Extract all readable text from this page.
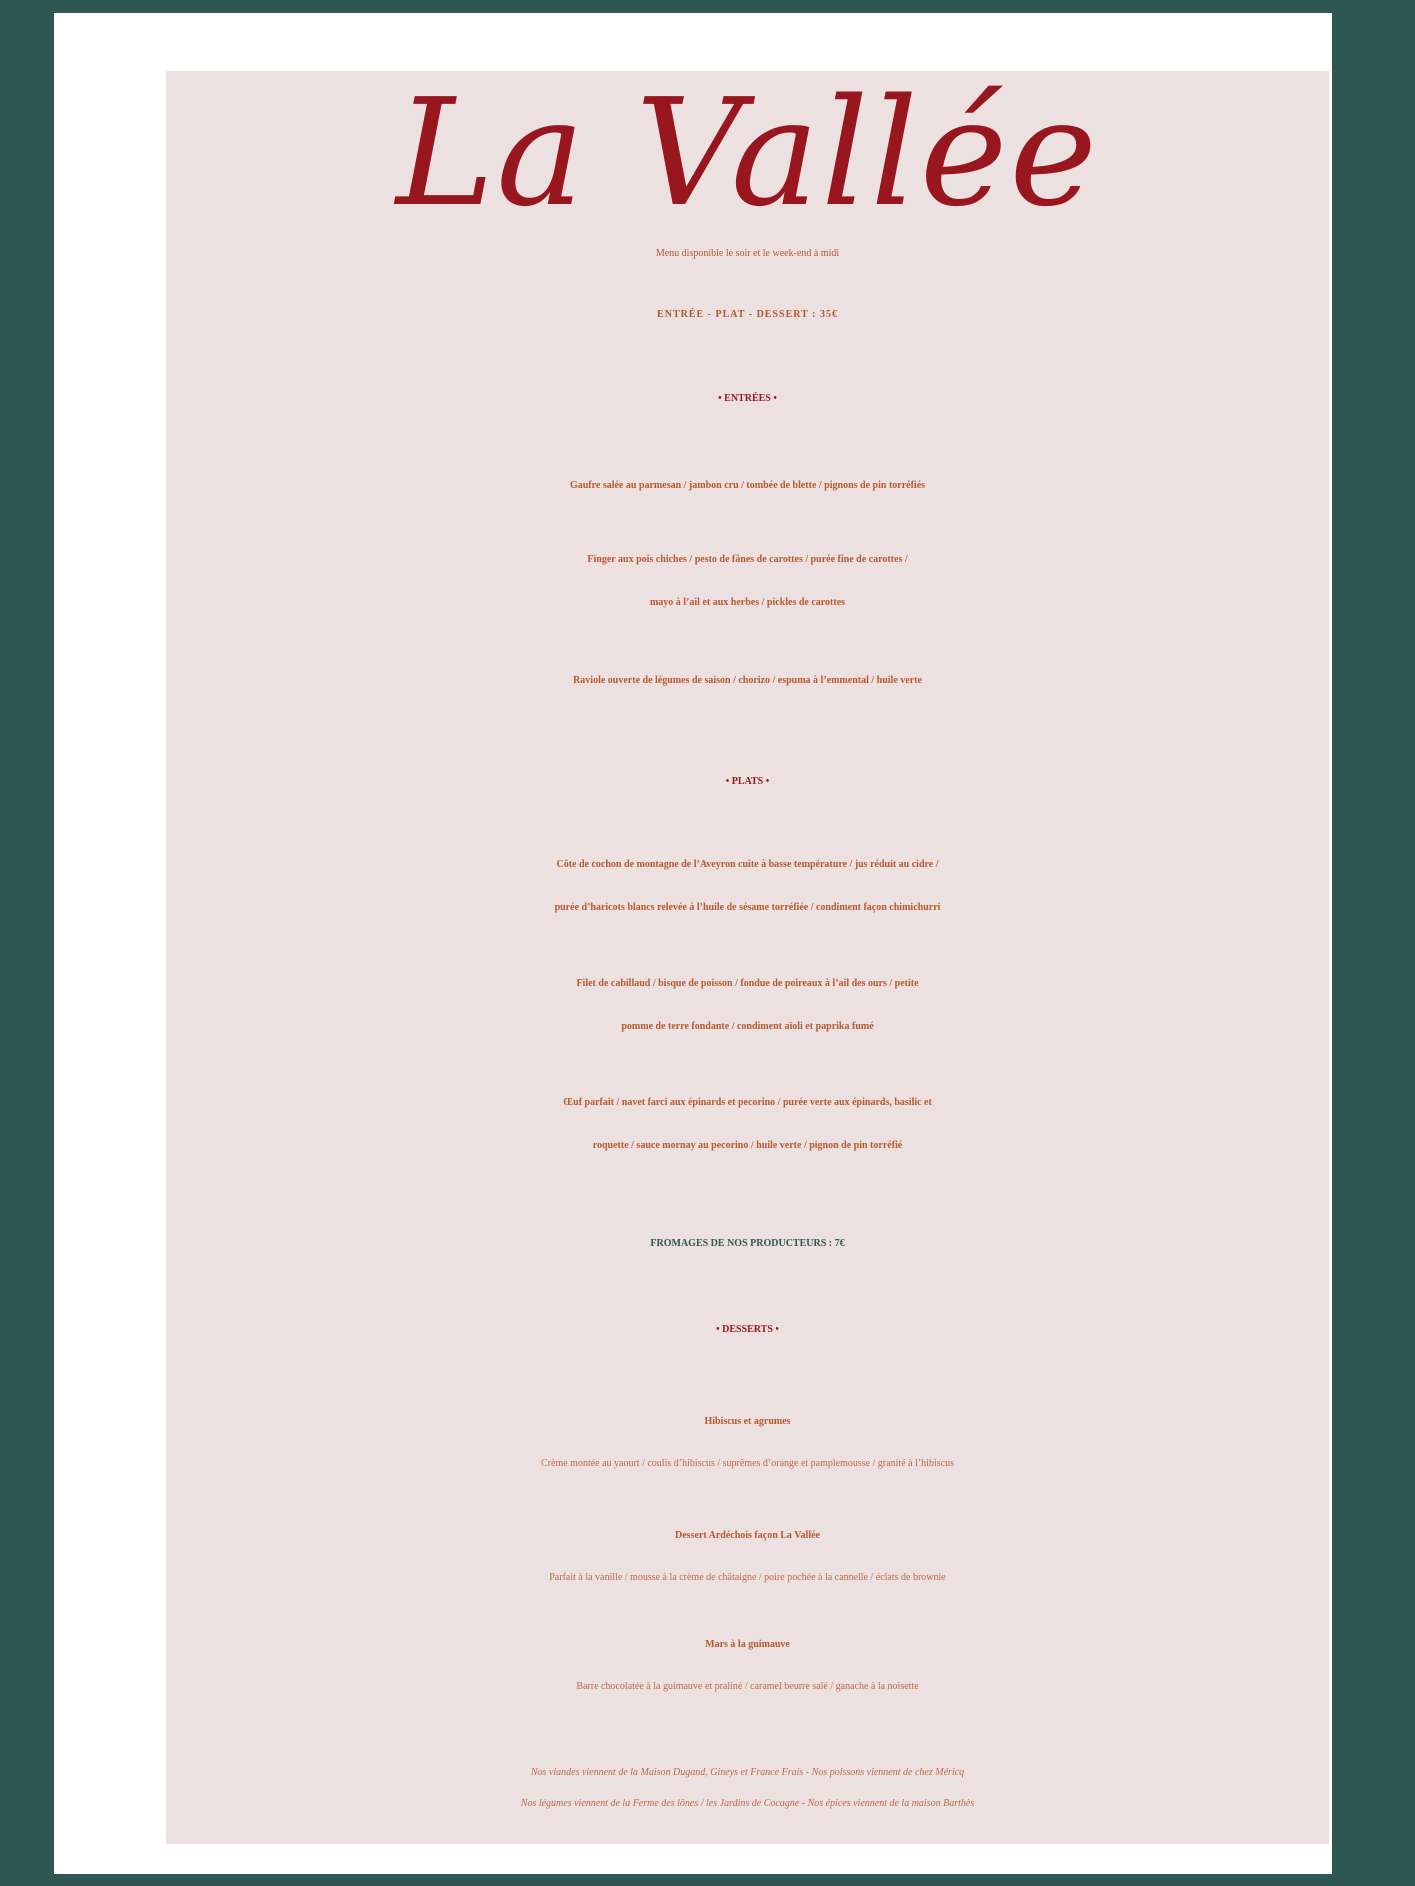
La Vallée
Menu disponible le soir et le week-end à midi
ENTRÉE - PLAT - DESSERT : 35€
• ENTRÉES •
Gaufre salée au parmesan / jambon cru / tombée de blette / pignons de pin torréfiés
Finger aux pois chiches / pesto de fânes de carottes / purée fine de carottes /
mayo à l’ail et aux herbes / pickles de carottes
Raviole ouverte de légumes de saison / chorizo / espuma à l’emmental / huile verte
• PLATS •
Côte de cochon de montagne de l’Aveyron cuite à basse température / jus réduit au cidre /
purée d’haricots blancs relevée à l’huile de sésame torréfiée / condiment façon chimichurri
Filet de cabillaud / bisque de poisson / fondue de poireaux à l’ail des ours / petite
pomme de terre fondante / condiment aïoli et paprika fumé
Œuf parfait / navet farci aux épinards et pecorino / purée verte aux épinards, basilic et
roquette / sauce mornay au pecorino / huile verte / pignon de pin torréfié
FROMAGES DE NOS PRODUCTEURS : 7€
• DESSERTS •
Hibiscus et agrumes
Crème montée au yaourt / coulis d’hibiscus / suprêmes d’orange et pamplemousse / granité à l’hibiscus
Dessert Ardéchois façon La Vallée
Parfait à la vanille / mousse à la crème de châtaigne / poire pochée à la cannelle / éclats de brownie
Mars à la guimauve
Barre chocolatée à la guimauve et praliné / caramel beurre salé / ganache à la noisette
Nos viandes viennent de la Maison Dugand, Gineys et France Frais - Nos poissons viennent de chez Méricq
Nos légumes viennent de la Ferme des lônes / les Jardins de Cocagne - Nos épices viennent de la maison Barthès
